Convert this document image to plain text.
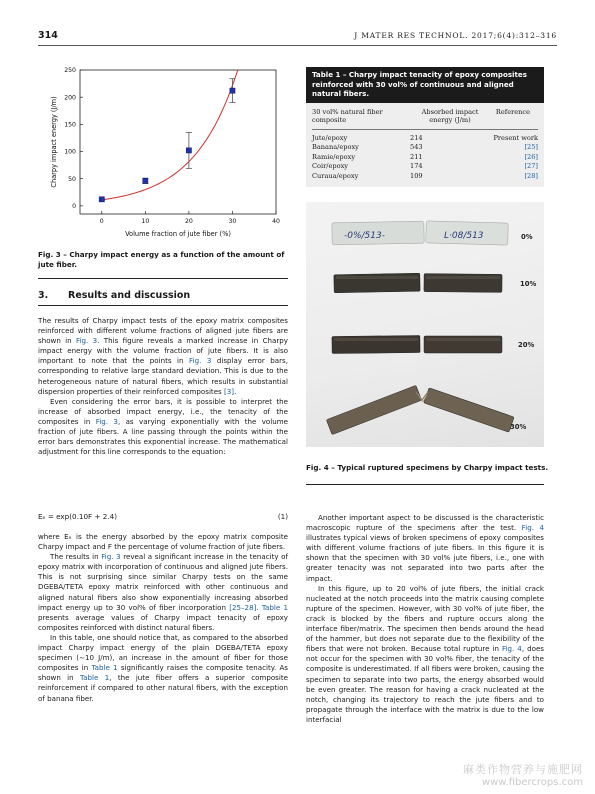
314	J MATER RES TECHNOL. 2017;6(4):312–316
0
50
100
150
200
250
0	10	20	30	40
Volume fraction of jute fiber (%)
Charpy impact energy (J/m)
Fig. 3 – Charpy impact energy as a function of the amount of jute fiber.
3. Results and discussion

The results of Charpy impact tests of the epoxy matrix composites reinforced with different volume fractions of aligned jute fibers are shown in Fig. 3. This figure reveals a marked increase in Charpy impact energy with the volume fraction of jute fibers. It is also important to note that the points in Fig. 3 display error bars, corresponding to relative large standard deviation. This is due to the heterogeneous nature of natural fibers, which results in substantial dispersion properties of their reinforced composites [3].

Even considering the error bars, it is possible to interpret the increase of absorbed impact energy, i.e., the tenacity of the composites in Fig. 3, as varying exponentially with the volume fraction of jute fibers. A line passing through the points within the error bars demonstrates this exponential increase. The mathematical adjustment for this line corresponds to the equation:

Eₑ = exp(0.10F + 2.4)	(1)

where Eₑ is the energy absorbed by the epoxy matrix composite Charpy impact and F the percentage of volume fraction of jute fibers.

The results in Fig. 3 reveal a significant increase in the tenacity of epoxy matrix with incorporation of continuous and aligned jute fibers. This is not surprising since similar Charpy tests on the same DGEBA/TETA epoxy matrix reinforced with other continuous and aligned natural fibers also show exponentially increasing absorbed impact energy up to 30 vol% of fiber incorporation [25–28]. Table 1 presents average values of Charpy impact tenacity of epoxy composites reinforced with distinct natural fibers.

In this table, one should notice that, as compared to the absorbed impact Charpy impact energy of the plain DGEBA/TETA epoxy specimen (∼10 J/m), an increase in the amount of fiber for those composites in Table 1 significantly raises the composite tenacity. As shown in Table 1, the jute fiber offers a superior composite reinforcement if compared to other natural fibers, with the exception of banana fiber.

Table 1 – Charpy impact tenacity of epoxy composites reinforced with 30 vol% of continuous and aligned natural fibers.
30 vol% natural fiber composite
Absorbed impact energy (J/m)
Reference
Jute/epoxy	214	Present work
Banana/epoxy	543	[25]
Ramie/epoxy	211	[26]
Coir/epoxy	174	[27]
Curaua/epoxy	109	[28]
-0%/513-	L·08/513	0%
10%
20%
30%
Fig. 4 – Typical ruptured specimens by Charpy impact tests.

Another important aspect to be discussed is the characteristic macroscopic rupture of the specimens after the test. Fig. 4 illustrates typical views of broken specimens of epoxy composites with different volume fractions of jute fibers. In this figure it is shown that the specimen with 30 vol% jute fibers, i.e., one with greater tenacity was not separated into two parts after the impact.

In this figure, up to 20 vol% of jute fibers, the initial crack nucleated at the notch proceeds into the matrix causing complete rupture of the specimen. However, with 30 vol% of jute fiber, the crack is blocked by the fibers and rupture occurs along the interface fiber/matrix. The specimen then bends around the head of the hammer, but does not separate due to the flexibility of the fibers that were not broken. Because total rupture in Fig. 4, does not occur for the specimen with 30 vol% fiber, the tenacity of the composite is underestimated. If all fibers were broken, causing the specimen to separate into two parts, the energy absorbed would be even greater. The reason for having a crack nucleated at the notch, changing its trajectory to reach the jute fibers and to propagate through the interface with the matrix is due to the low interfacial

麻类作物营养与施肥网
www.fibercrops.com
